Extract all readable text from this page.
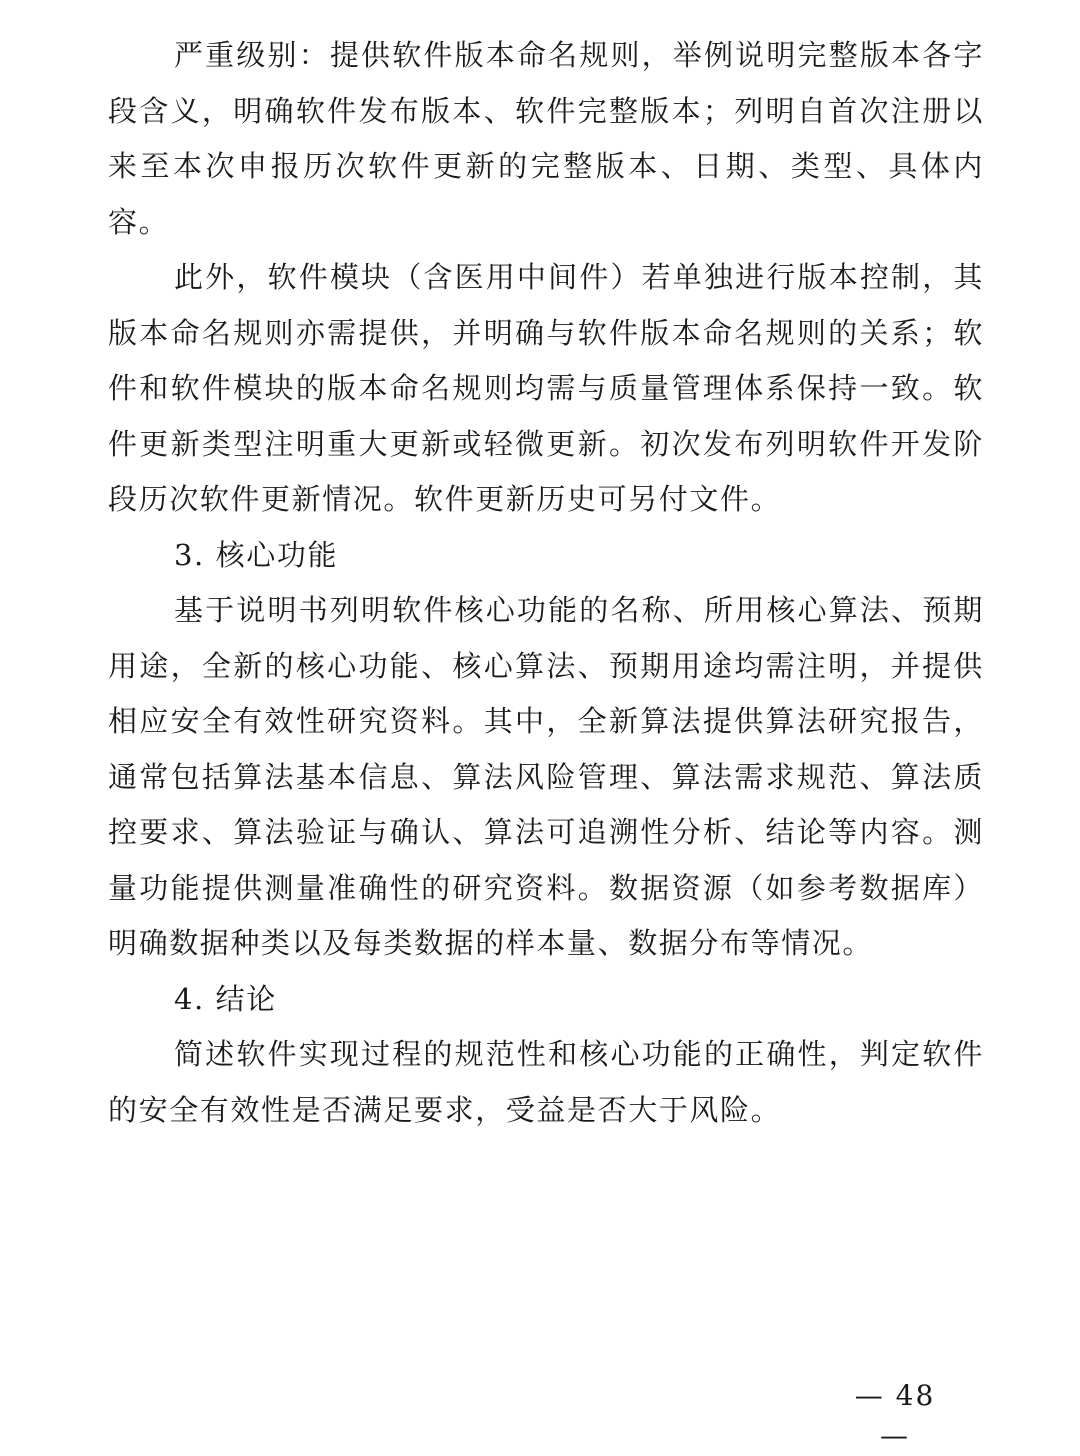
严重级别：提供软件版本命名规则，举例说明完整版本各字段含义，明确软件发布版本、软件完整版本；列明自首次注册以来至本次申报历次软件更新的完整版本、日期、类型、具体内容。

此外，软件模块（含医用中间件）若单独进行版本控制，其版本命名规则亦需提供，并明确与软件版本命名规则的关系；软件和软件模块的版本命名规则均需与质量管理体系保持一致。软件更新类型注明重大更新或轻微更新。初次发布列明软件开发阶段历次软件更新情况。软件更新历史可另付文件。

3. 核心功能

基于说明书列明软件核心功能的名称、所用核心算法、预期用途，全新的核心功能、核心算法、预期用途均需注明，并提供相应安全有效性研究资料。其中，全新算法提供算法研究报告，通常包括算法基本信息、算法风险管理、算法需求规范、算法质控要求、算法验证与确认、算法可追溯性分析、结论等内容。测量功能提供测量准确性的研究资料。数据资源（如参考数据库）明确数据种类以及每类数据的样本量、数据分布等情况。

4. 结论

简述软件实现过程的规范性和核心功能的正确性，判定软件的安全有效性是否满足要求，受益是否大于风险。

— 48 —
